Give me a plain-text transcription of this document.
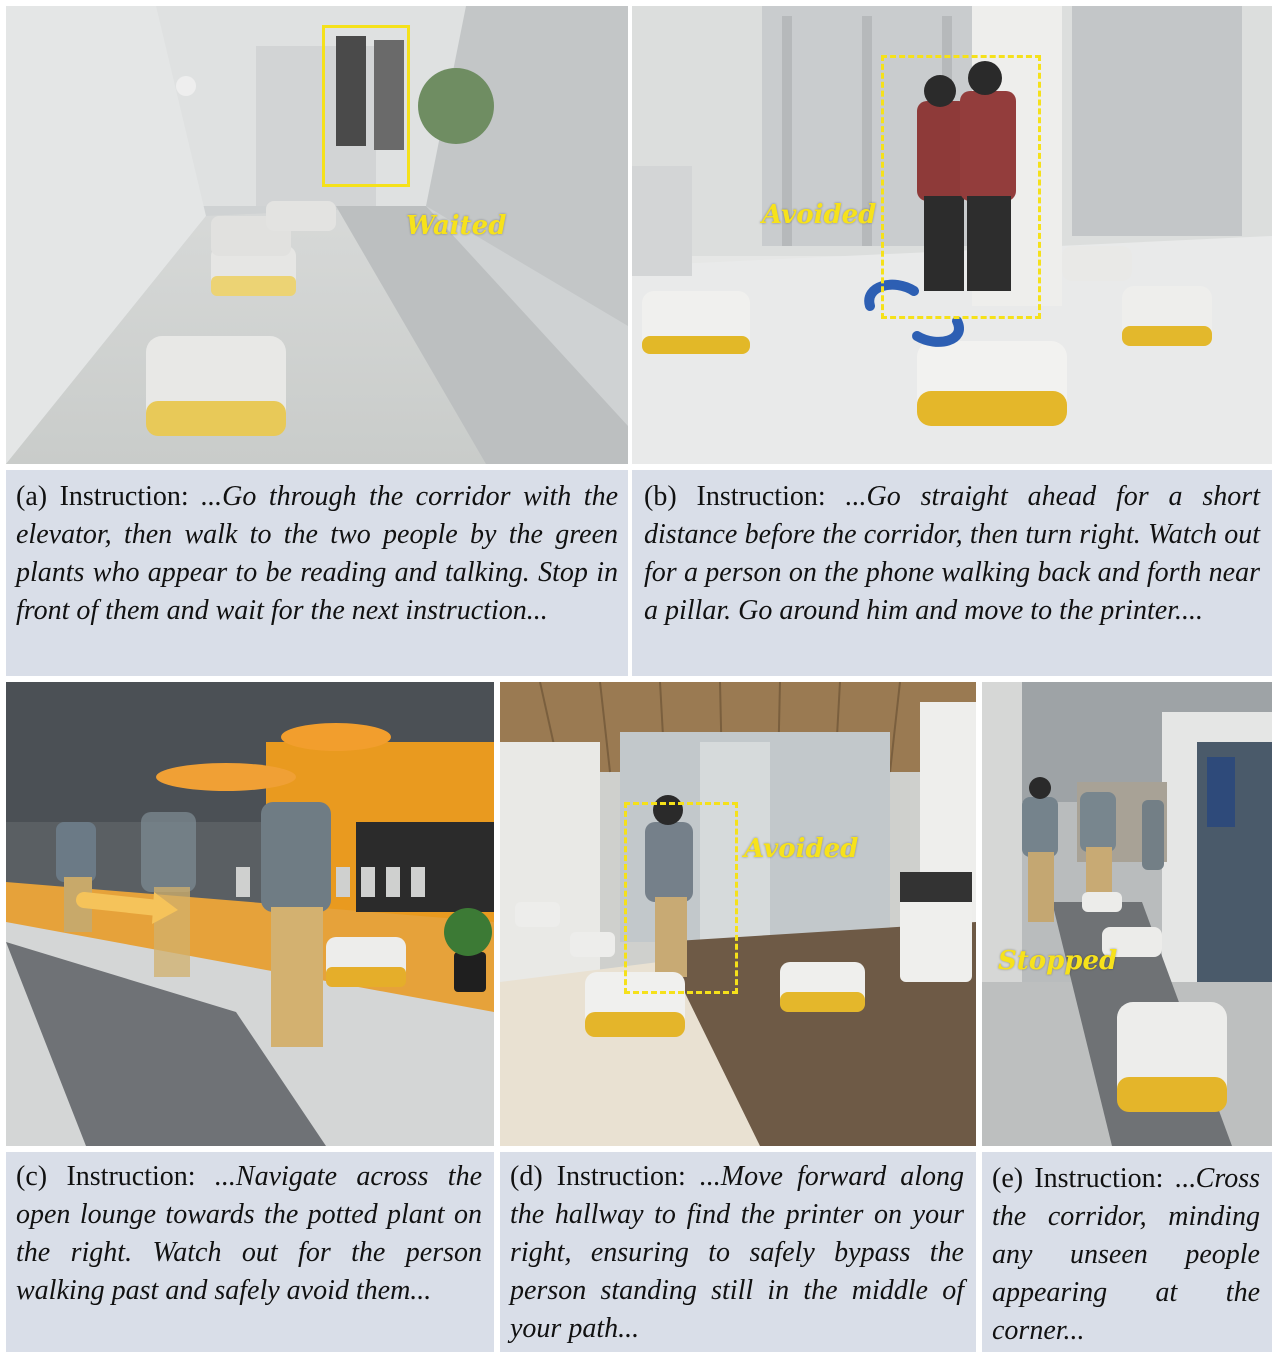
Waited	Avoided
(a) Instruction: ...Go through the corridor with the elevator, then walk to the two people by the green plants who appear to be reading and talking. Stop in front of them and wait for the next instruction...
(b) Instruction: ...Go straight ahead for a short distance before the corridor, then turn right. Watch out for a person on the phone walking back and forth near a pillar. Go around him and move to the printer....
Avoided
Stopped
(c) Instruction: ...Navigate across the open lounge towards the potted plant on the right. Watch out for the person walking past and safely avoid them...
(d) Instruction: ...Move forward along the hallway to find the printer on your right, ensuring to safely bypass the person standing still in the middle of your path...
(e) Instruction: ...Cross the corridor, minding any unseen people appearing at the corner...
